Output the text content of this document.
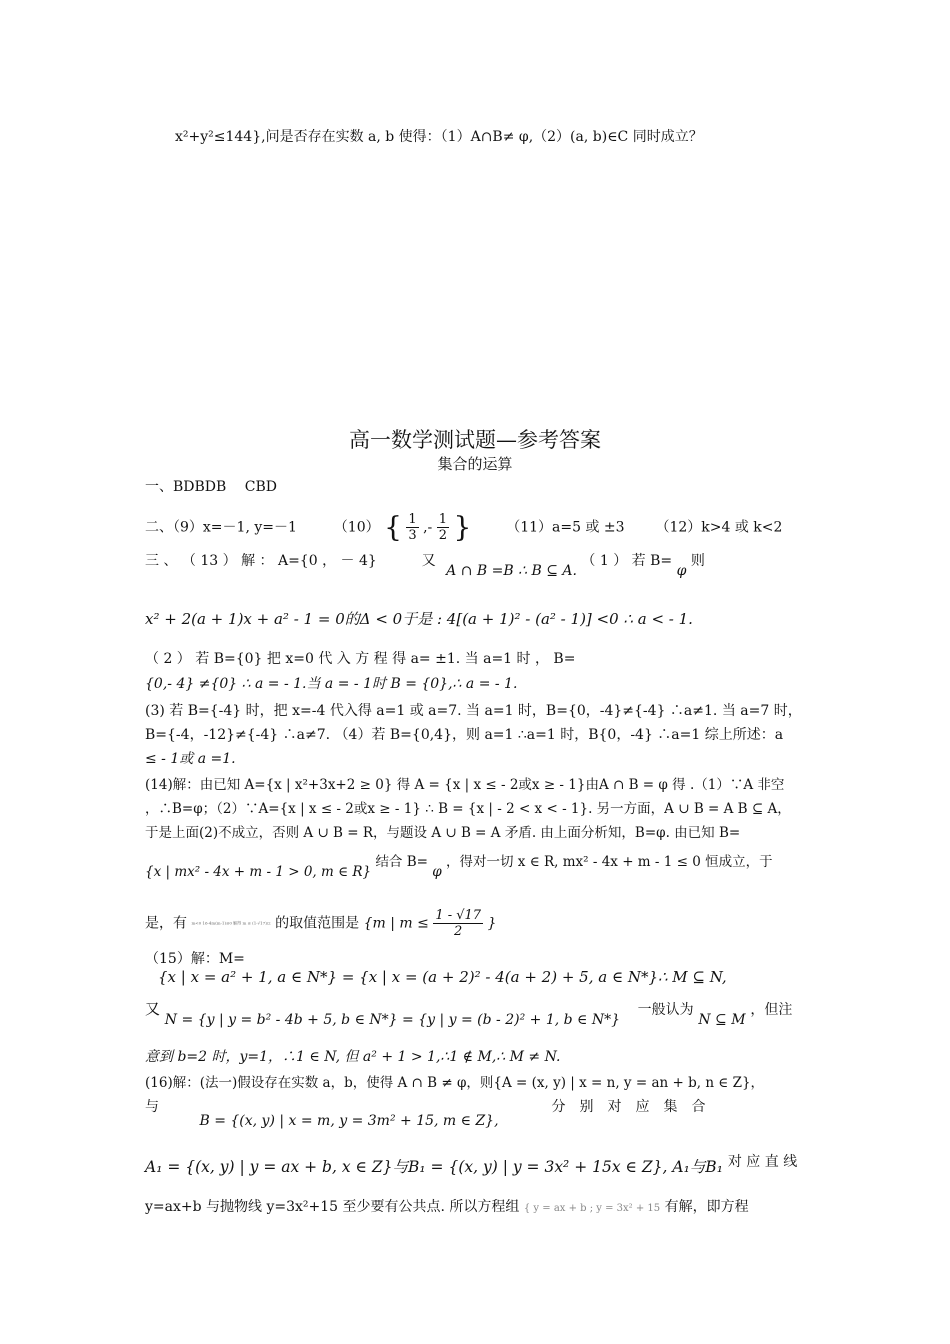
x²+y²≤144},问是否存在实数 a, b 使得：（1）A∩B≠ φ,（2）(a, b)∈C 同时成立？
高一数学测试题—参考答案
集合的运算
一、BDBDB　 CBD
二、（9）x=－1, y=－1	（10） { $\frac{1}{3}$ ,- $\frac{1}{2}$ } （11）a=5 或 ±3 （12）k>4 或 k<2
三 、 （ 13 ） 解 ： A={0 ， － 4}	又 A ∩ B =B ∴ B ⊆ A. （ 1 ） 若 B= φ 则
x² + 2(a + 1)x + a² - 1 = 0的Δ < 0于是 : 4[(a + 1)² - (a² - 1)] <0 ∴ a < - 1.
（ 2 ） 若 B={0} 把 x=0 代 入 方 程 得 a= ±1. 当 a=1 时 ， B=
{0,- 4} ≠{0} ∴ a = - 1.当 a = - 1时 B = {0},∴ a = - 1.
(3) 若 B={-4} 时，把 x=-4 代入得 a=1 或 a=7. 当 a=1 时，B={0，-4}≠{-4} ∴a≠1. 当 a=7 时，
B={-4，-12}≠{-4} ∴a≠7. （4）若 B={0,4}，则 a=1 ∴a=1 时，B{0，-4} ∴a=1 综上所述：a
≤ - 1或 a =1.
(14)解：由已知 A={x | x²+3x+2 ≥ 0} 得 A = {x | x ≤ - 2或x ≥ - 1}由A ∩ B = φ 得 .（1）∵A 非空
，∴B=φ；（2）∵A={x | x ≤ - 2或x ≥ - 1} ∴ B = {x | - 2 < x < - 1}. 另一方面，A ∪ B = A B ⊆ A，
于是上面(2)不成立，否则 A ∪ B = R，与题设 A ∪ B = A 矛盾. 由上面分析知，B=φ. 由已知 B=
{x | mx² - 4x + m - 1 > 0, m ∈ R} 结合 B= φ ，得对一切 x ∈ R, mx² - 4x + m - 1 ≤ 0 恒成立，于
是，有 m<0 16-4m(m-1)≤0 解得 m ≤ (1-√17)/2 的取值范围是 {m | $m \le \frac{1 - √17}{2}$ }
（15）解：M=
{x | x = a² + 1, a ∈ N*} = {x | x = (a + 2)² - 4(a + 2) + 5, a ∈ N*}∴ M ⊆ N,
又 N = {y | y = b² - 4b + 5, b ∈ N*} = {y | y = (b - 2)² + 1, b ∈ N*}  一般认为 N ⊆ M ，但注
意到 b=2 时，y=1，∴1 ∈ N, 但 a² + 1 > 1,∴1 ∉ M,∴ M ≠ N.
(16)解：(法一)假设存在实数 a，b，使得 A ∩ B ≠ φ，则{A = (x, y) | x = n, y = an + b, n ∈ Z}，
与 B = {(x, y) | x = m, y = 3m² + 15, m ∈ Z},  分　别　对　应　集　合
A₁ = {(x, y) | y = ax + b, x ∈ Z}与B₁ = {(x, y) | y = 3x² + 15x ∈ Z}, A₁与B₁ 对 应 直 线
y=ax+b 与抛物线 y=3x²+15 至少要有公共点. 所以方程组 { y = ax + b ; y = 3x² + 15 有解，即方程
